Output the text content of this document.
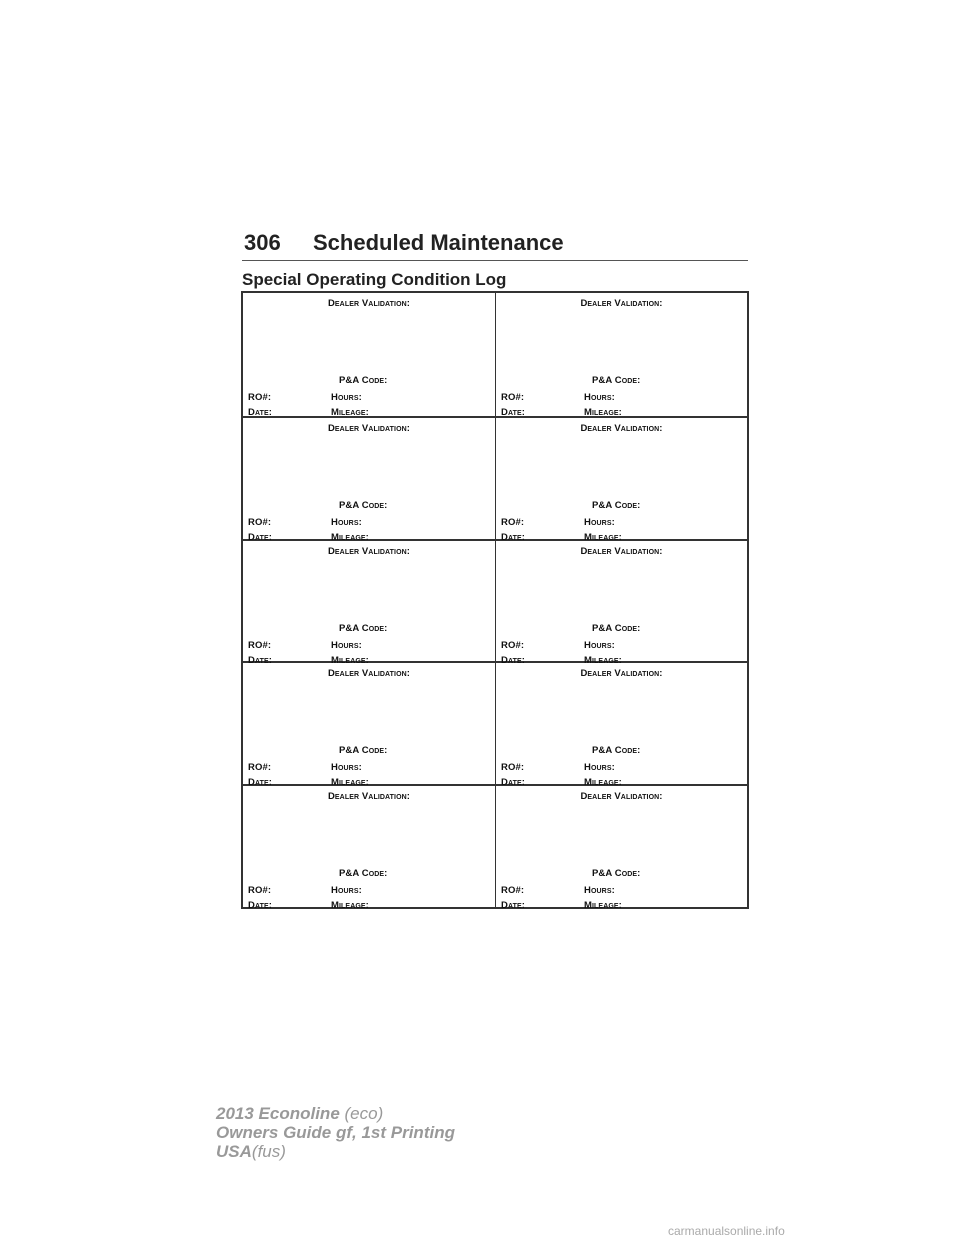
306 Scheduled Maintenance
Special Operating Condition Log
Dealer Validation:
P&A Code:
RO#:	Hours:
Date:	Mileage:
Dealer Validation:
P&A Code:
RO#:	Hours:
Date:	Mileage:
Dealer Validation:
P&A Code:
RO#:	Hours:
Date:	Mileage:
Dealer Validation:
P&A Code:
RO#:	Hours:
Date:	Mileage:
Dealer Validation:
P&A Code:
RO#:	Hours:
Date:	Mileage:
Dealer Validation:
P&A Code:
RO#:	Hours:
Date:	Mileage:
Dealer Validation:
P&A Code:
RO#:	Hours:
Date:	Mileage:
Dealer Validation:
P&A Code:
RO#:	Hours:
Date:	Mileage:
Dealer Validation:
P&A Code:
RO#:	Hours:
Date:	Mileage:
Dealer Validation:
P&A Code:
RO#:	Hours:
Date:	Mileage:
2013 Econoline (eco)
Owners Guide gf, 1st Printing
USA(fus)
carmanualsonline.info
